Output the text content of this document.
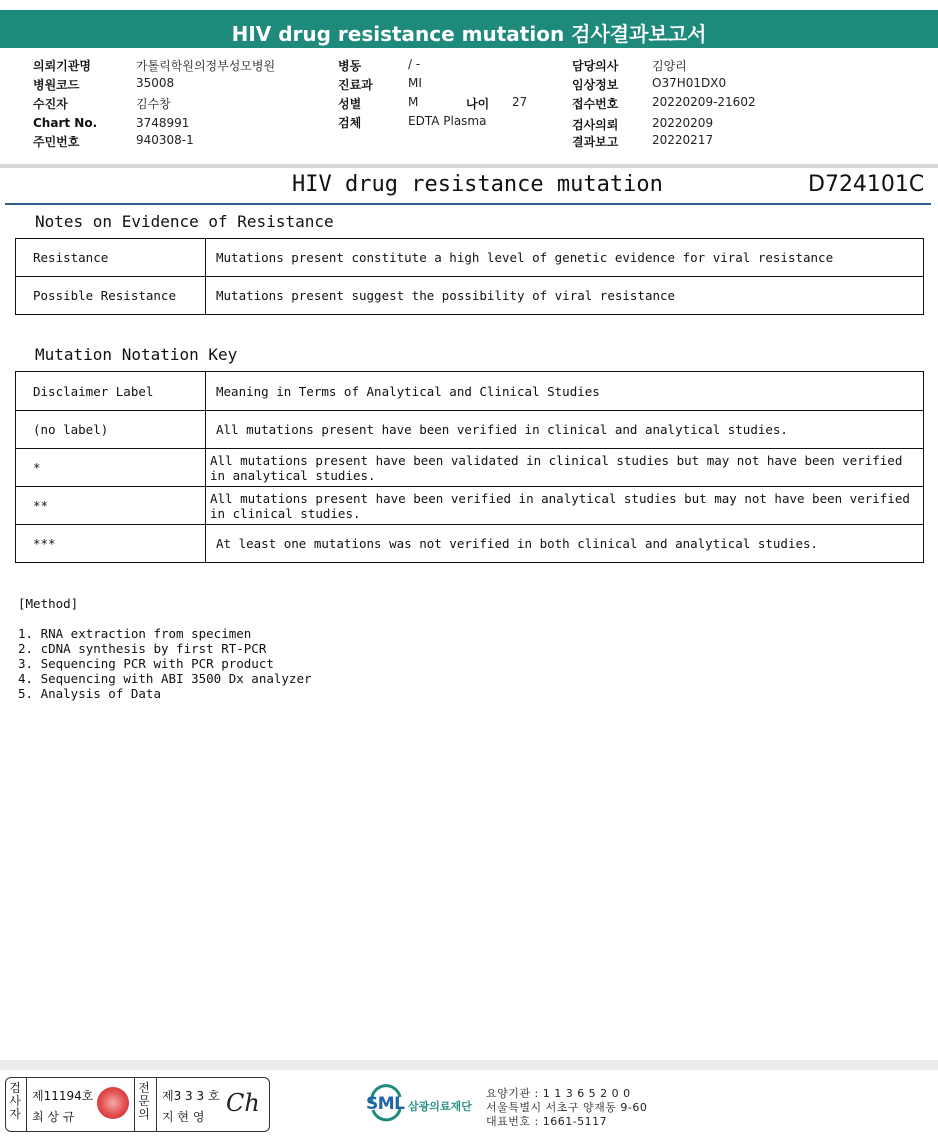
HIV drug resistance mutation 검사결과보고서
의뢰기관명	가톨릭학원의정부성모병원
병원코드	35008
수진자	김수창
Chart No.	3748991
주민번호	940308-1
병동	/ -
진료과	MI
성별	M	나이 27
검체	EDTA Plasma
담당의사	김양리
임상정보	O37H01DX0
접수번호	20220209-21602
검사의뢰	20220209
결과보고	20220217
HIV drug resistance mutation	D724101C
Notes on Evidence of Resistance
Resistance	Mutations present constitute a high level of genetic evidence for viral resistance
Possible Resistance	Mutations present suggest the possibility of viral resistance
Mutation Notation Key
Disclaimer Label	Meaning in Terms of Analytical and Clinical Studies
(no label)	All mutations present have been verified in clinical and analytical studies.
*	All mutations present have been validated in clinical studies but may not have been verified in analytical studies.
**	All mutations present have been verified in analytical studies but may not have been verified in clinical studies.
***	At least one mutations was not verified in both clinical and analytical studies.
[Method]
1. RNA extraction from specimen
2. cDNA synthesis by first RT-PCR
3. Sequencing PCR with PCR product
4. Sequencing with ABI 3500 Dx analyzer
5. Analysis of Data
검
사
자
제11194호
최 상 규
전
문
의
제3 3 3 호
지 현 영 Ch	SML 삼광의료재단
요양기관 : 1 1 3 6 5 2 0 0
서울특별시 서초구 양재동 9-60
대표번호 : 1661-5117
